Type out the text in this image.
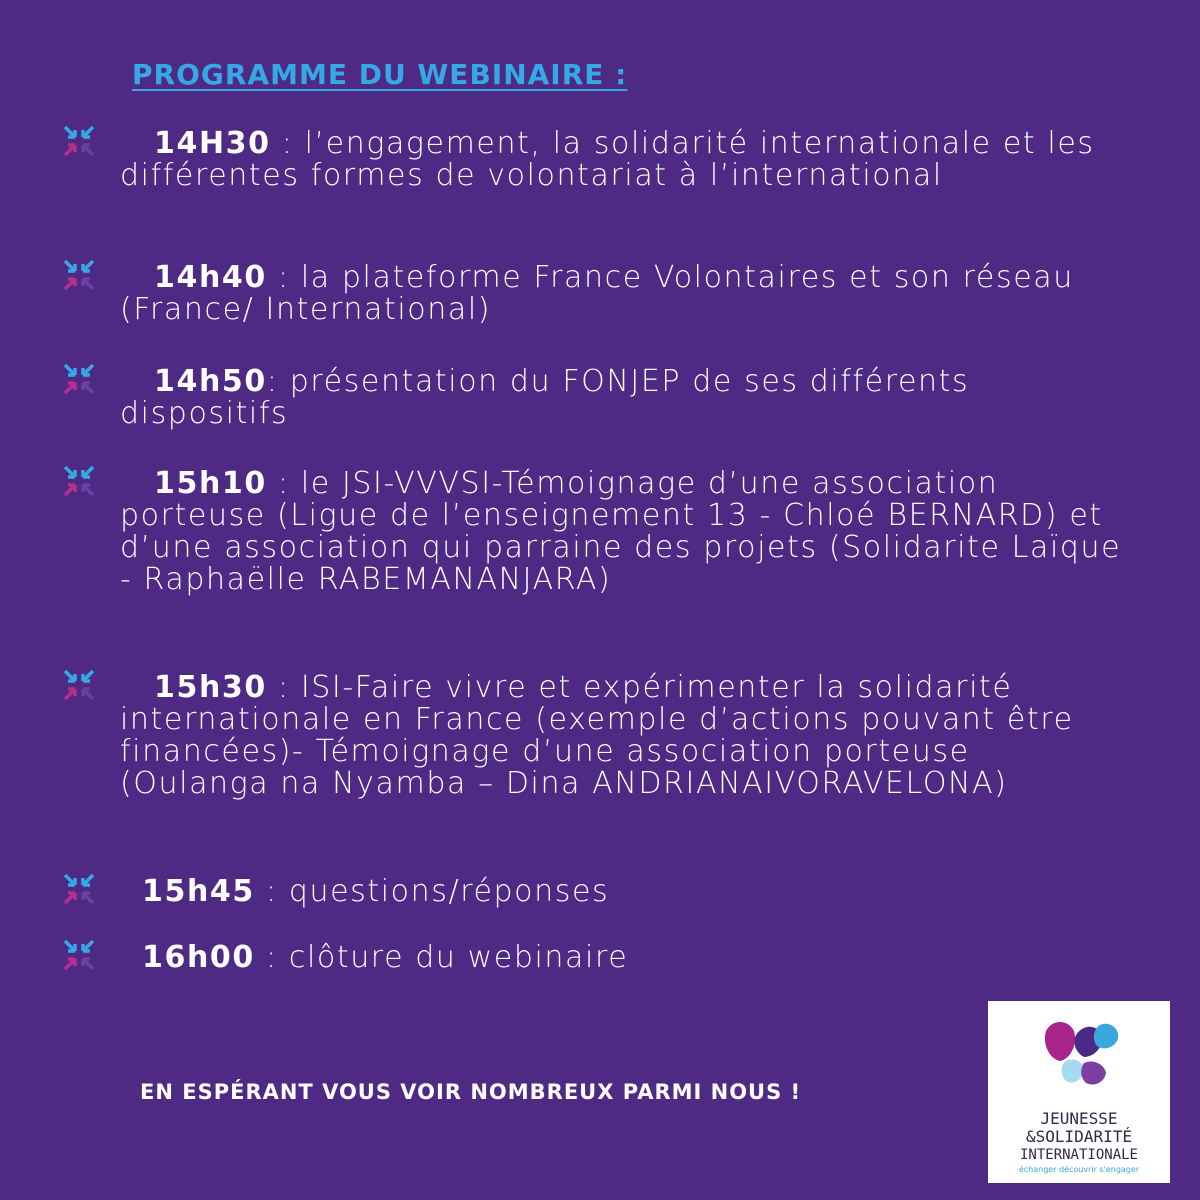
PROGRAMME DU WEBINAIRE :
14H30 : l’engagement, la solidarité internationale et les différentes formes de volontariat à l’international
14h40 : la plateforme France Volontaires et son réseau (France/ International)
14h50: présentation du FONJEP de ses différents dispositifs
15h10 : le JSI-VVVSI-Témoignage d’une association porteuse (Ligue de l’enseignement 13 - Chloé BERNARD) et d’une association qui parraine des projets (Solidarite Laïque - Raphaëlle RABEMANANJARA)
15h30 : ISI-Faire vivre et expérimenter la solidarité internationale en France (exemple d’actions pouvant être financées)- Témoignage d’une association porteuse (Oulanga na Nyamba – Dina ANDRIANAIVORAVELONA)
15h45 : questions/réponses
16h00 : clôture du webinaire

EN ESPÉRANT VOUS VOIR NOMBREUX PARMI NOUS !

JEUNESSE
&SOLIDARITÉ
INTERNATIONALE
échanger découvrir s'engager
